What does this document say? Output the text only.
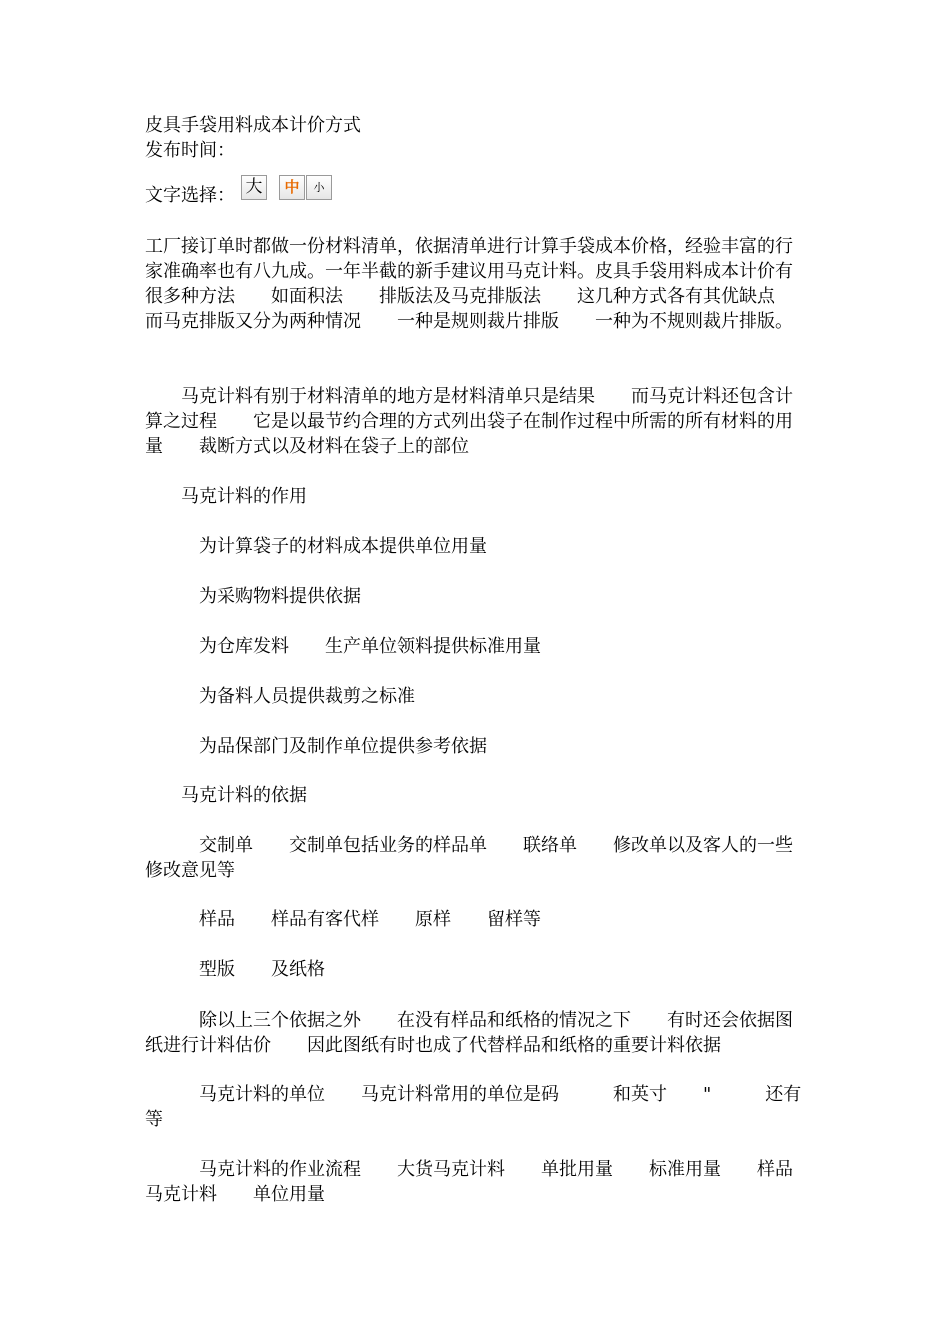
皮具手袋用料成本计价方式
发布时间：
文字选择： 大	中	小
工厂接订单时都做一份材料清单，依据清单进行计算手袋成本价格，经验丰富的行家准确率也有八九成。一年半截的新手建议用马克计料。皮具手袋用料成本计价有很多种方法　　如面积法　　排版法及马克排版法　　这几种方式各有其优缺点　　而马克排版又分为两种情况　　一种是规则裁片排版　　一种为不规则裁片排版。
　　马克计料有别于材料清单的地方是材料清单只是结果　　而马克计料还包含计算之过程　　它是以最节约合理的方式列出袋子在制作过程中所需的所有材料的用量　　裁断方式以及材料在袋子上的部位
　　马克计料的作用
　　　为计算袋子的材料成本提供单位用量
　　　为采购物料提供依据
　　　为仓库发料　　生产单位领料提供标准用量
　　　为备料人员提供裁剪之标准
　　　为品保部门及制作单位提供参考依据
　　马克计料的依据
　　　交制单　　交制单包括业务的样品单　　联络单　　修改单以及客人的一些修改意见等
　　　样品　　样品有客代样　　原样　　留样等
　　　型版　　及纸格
　　　除以上三个依据之外　　在没有样品和纸格的情况之下　　有时还会依据图纸进行计料估价　　因此图纸有时也成了代替样品和纸格的重要计料依据
　　　马克计料的单位　　马克计料常用的单位是码　　　和英寸　　"　　　还有　　　　　等
　　　马克计料的作业流程　　大货马克计料　　单批用量　　标准用量　　样品马克计料　　单位用量
